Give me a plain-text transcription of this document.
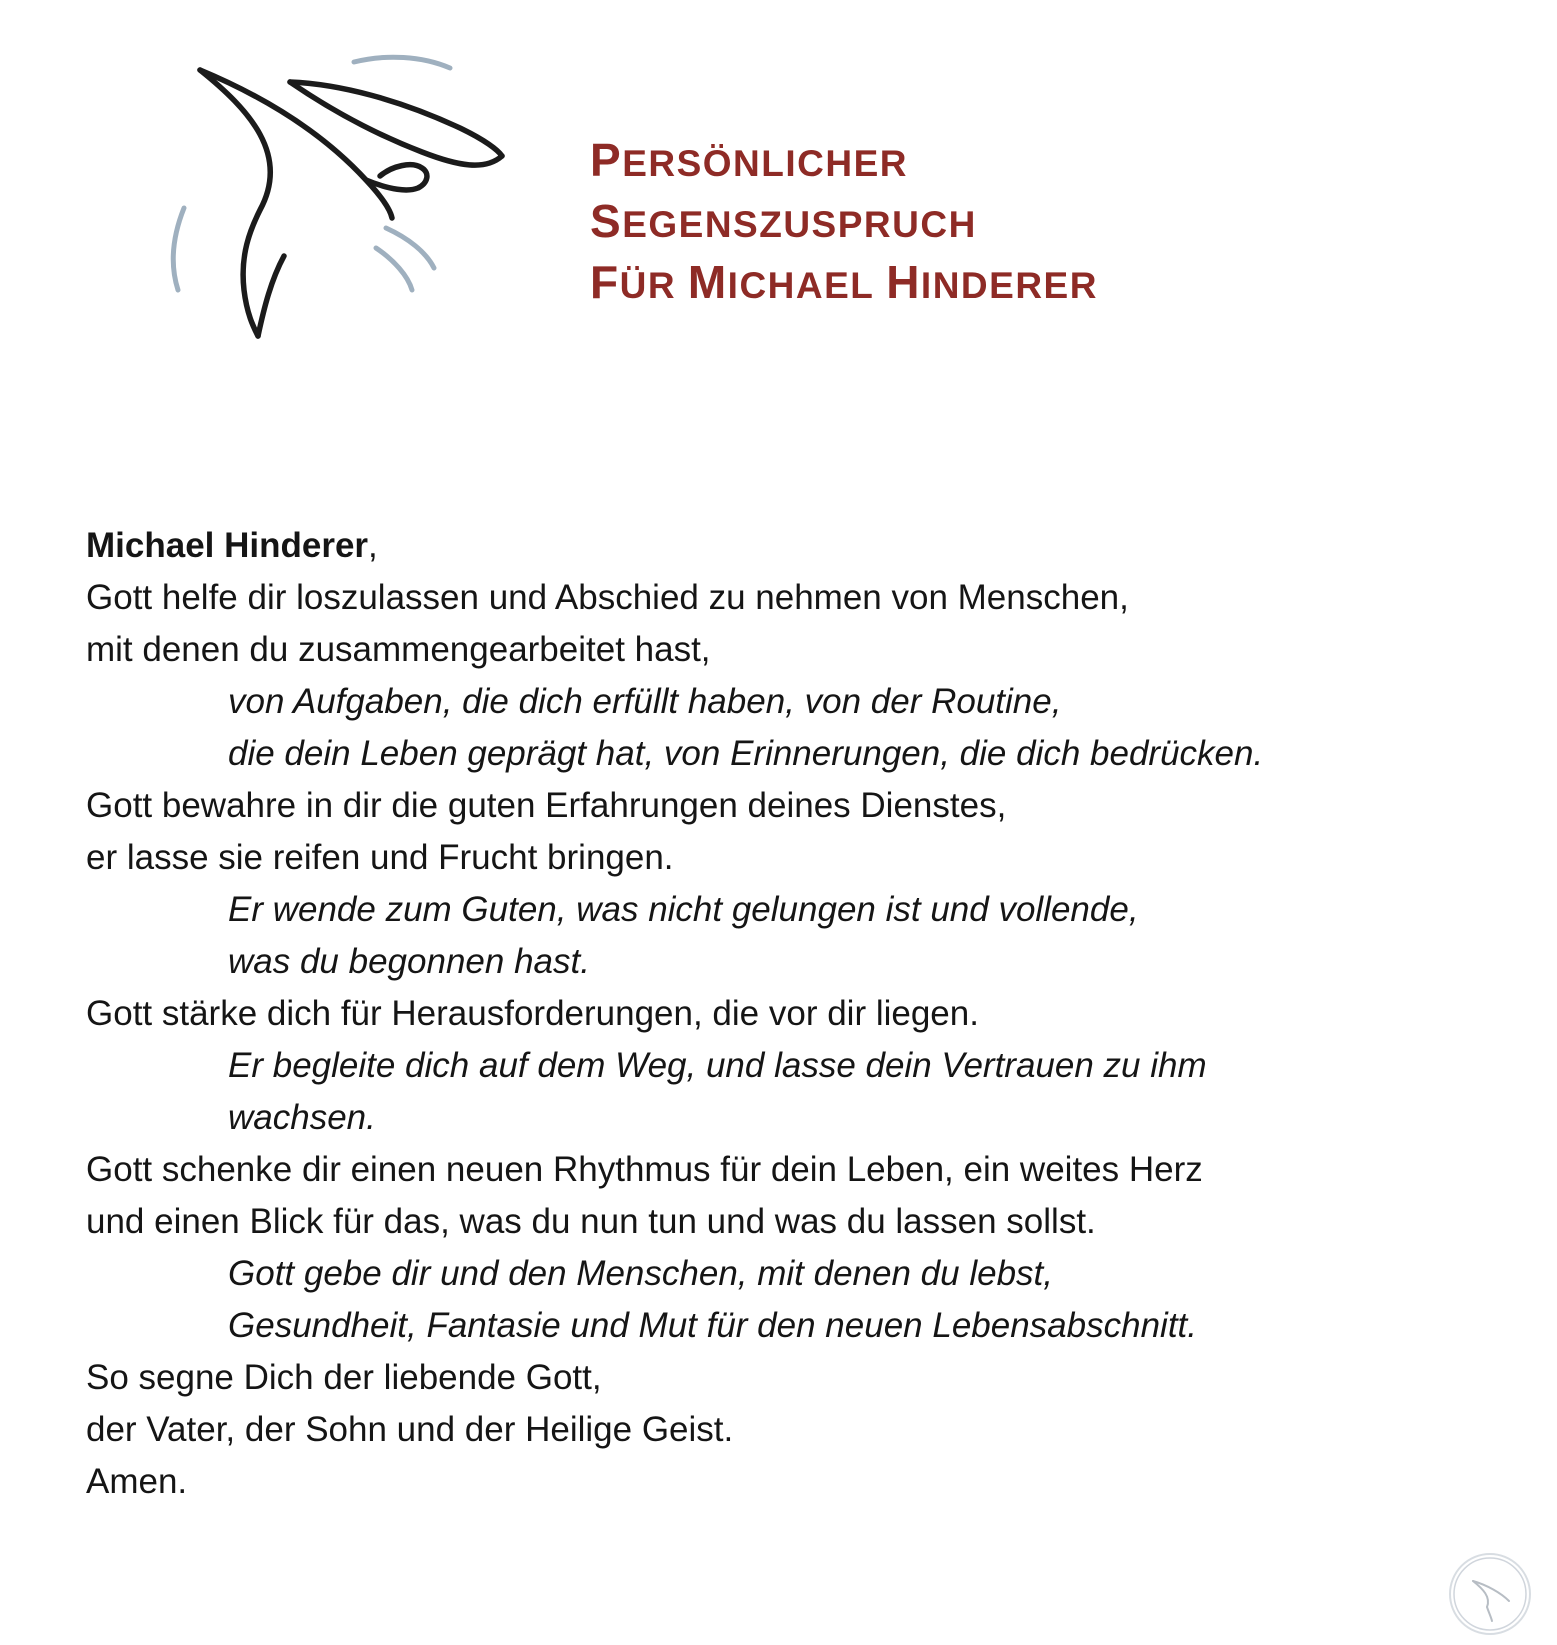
PERSÖNLICHER
SEGENSZUSPRUCH
FÜR MICHAEL HINDERER
Michael Hinderer,
Gott helfe dir loszulassen und Abschied zu nehmen von Menschen,
mit denen du zusammengearbeitet hast,
von Aufgaben, die dich erfüllt haben, von der Routine,
die dein Leben geprägt hat, von Erinnerungen, die dich bedrücken.
Gott bewahre in dir die guten Erfahrungen deines Dienstes,
er lasse sie reifen und Frucht bringen.
Er wende zum Guten, was nicht gelungen ist und vollende,
was du begonnen hast.
Gott stärke dich für Herausforderungen, die vor dir liegen.
Er begleite dich auf dem Weg, und lasse dein Vertrauen zu ihm
wachsen.
Gott schenke dir einen neuen Rhythmus für dein Leben, ein weites Herz
und einen Blick für das, was du nun tun und was du lassen sollst.
Gott gebe dir und den Menschen, mit denen du lebst,
Gesundheit, Fantasie und Mut für den neuen Lebensabschnitt.
So segne Dich der liebende Gott,
der Vater, der Sohn und der Heilige Geist.
Amen.
